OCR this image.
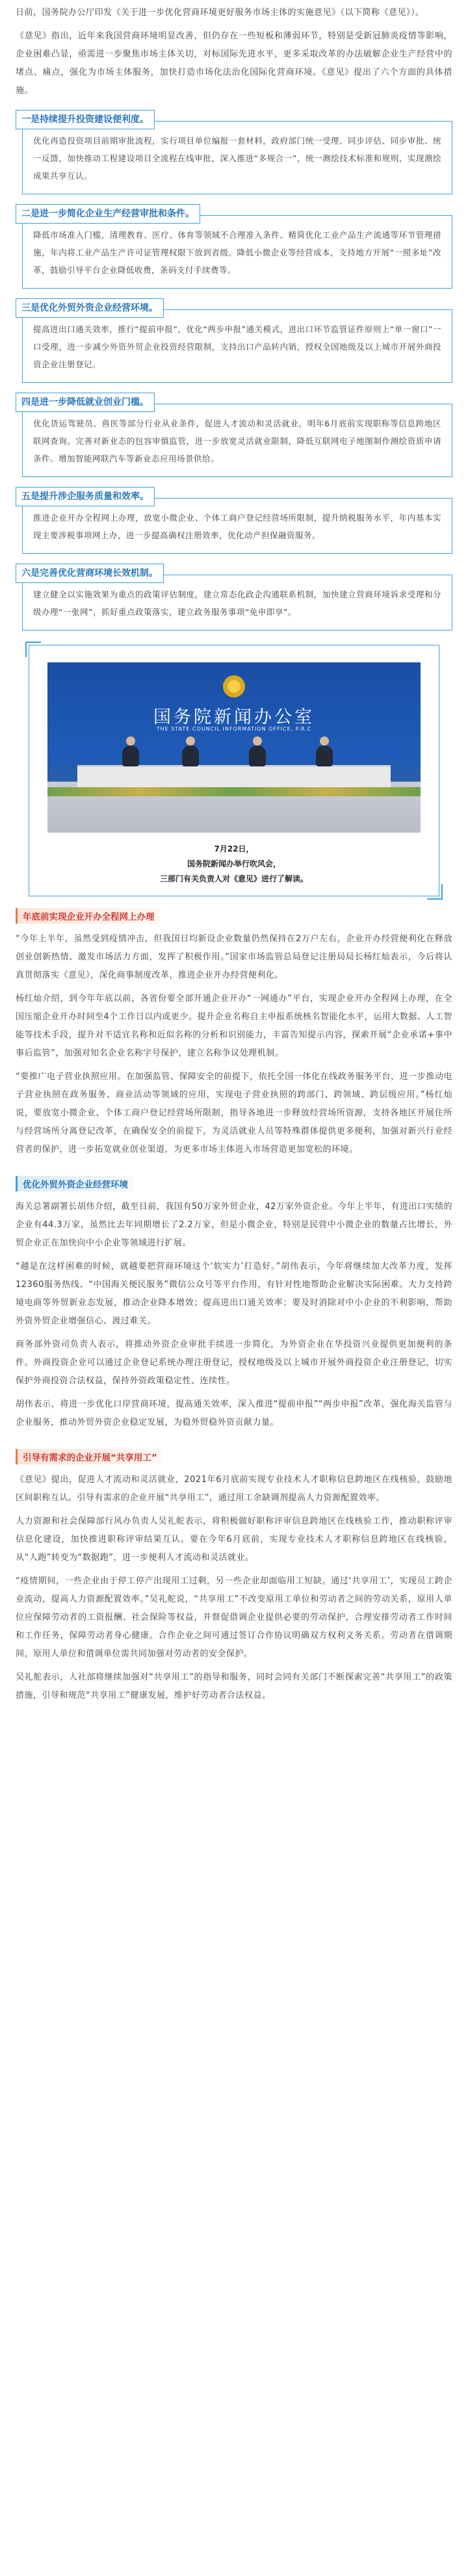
日前，国务院办公厅印发《关于进一步优化营商环境更好服务市场主体的实施意见》（以下简称《意见》）。

《意见》指出，近年来我国营商环境明显改善，但仍存在一些短板和薄弱环节，特别是受新冠肺炎疫情等影响，企业困难凸显，亟需进一步聚焦市场主体关切，对标国际先进水平，更多采取改革的办法破解企业生产经营中的堵点、痛点，强化为市场主体服务，加快打造市场化法治化国际化营商环境。《意见》提出了六个方面的具体措施。

一是持续提升投资建设便利度。

优化再造投资项目前期审批流程，实行项目单位编报一套材料，政府部门统一受理、同步评估、同步审批、统一反馈，加快推动工程建设项目全流程在线审批，深入推进“多规合一”，统一测绘技术标准和规则，实现测绘成果共享互认。

二是进一步简化企业生产经营审批和条件。

降低市场准入门槛，清理教育、医疗、体育等领域不合理准入条件。精简优化工业产品生产流通等环节管理措施，年内将工业产品生产许可证管理权限下放到省级。降低小微企业等经营成本，支持地方开展“一照多址”改革，鼓励引导平台企业降低收费，条码支付手续费等。

三是优化外贸外资企业经营环境。

提高进出口通关效率，推行“提前申报”，优化“两步申报”通关模式，进出口环节监管证件原则上“单一窗口”一口受理，进一步减少外资外贸企业投资经营限制，支持出口产品转内销，授权全国地级及以上城市开展外商投资企业注册登记。

四是进一步降低就业创业门槛。

优化货运驾驶员、兽医等部分行业从业条件，促进人才流动和灵活就业，明年6月底前实现职称等信息跨地区联网查询。完善对新业态的包容审慎监管，进一步放宽灵活就业限制，降低互联网电子地图制作测绘资质申请条件。增加智能网联汽车等新业态应用场景供给。

五是提升涉企服务质量和效率。

推进企业开办全程网上办理，放宽小微企业、个体工商户登记经营场所限制，提升纳税服务水平，年内基本实现主要涉税事项网上办，进一步提高确权注册效率，优化动产担保融资服务。

六是完善优化营商环境长效机制。

建立健全以实施效果为重点的政策评估制度，建立常态化政企沟通联系机制，加快建立营商环境诉求受理和分级办理“一张网”，抓好重点政策落实，建立政务服务事项“免申即享”。

国务院新闻办公室
THE STATE COUNCIL INFORMATION OFFICE, P.R.C
7月22日，
国务院新闻办举行吹风会，
三部门有关负责人对《意见》进行了解读。
年底前实现企业开办全程网上办理

“今年上半年，虽然受到疫情冲击，但我国日均新设企业数量仍然保持在2万户左右，企业开办经营便利化在释放创业创新热情、激发市场活力方面，发挥了积极作用。”国家市场监管总局登记注册局局长杨红灿表示，今后将认真贯彻落实《意见》，深化商事制度改革，推进企业开办经营便利化。

杨红灿介绍，到今年年底以前，各省份要全部开通企业开办“一网通办”平台，实现企业开办全程网上办理，在全国压缩企业开办时间至4个工作日以内或更少。提升企业名称自主申报系统核名智能化水平，运用大数据、人工智能等技术手段，提升对不适宜名称和近似名称的分析和识别能力，丰富告知提示内容，探索开展“企业承诺+事中事后监管”，加强对知名企业名称字号保护，建立名称争议处理机制。

“要推广电子营业执照应用。在加强监管、保障安全的前提下，依托全国一体化在线政务服务平台，进一步推动电子营业执照在政务服务、商业活动等领域的应用，实现电子营业执照的跨部门、跨领域、跨层级应用。”杨红灿说，要放宽小微企业、个体工商户登记经营场所限制，指导各地进一步释放经营场所资源，支持各地区开展住所与经营场所分离登记改革，在确保安全的前提下，为灵活就业人员等特殊群体提供更多便利，加强对新兴行业经营者的保护，进一步拓宽就业创业渠道，为更多市场主体进入市场营造更加宽松的环境。

优化外贸外资企业经营环境

海关总署副署长胡伟介绍，截至目前，我国有50万家外贸企业，42万家外资企业。今年上半年，有进出口实绩的企业有44.3万家，虽然比去年同期增长了2.2万家，但是小微企业，特别是民营中小微企业的数量占比增长，外贸企业正在加快向中小企业等领域进行扩展。

“越是在这样困难的时候，就越要把营商环境这个‘软实力’打造好。”胡伟表示，今年将继续加大改革力度，发挥12360服务热线、“中国海关便民服务”微信公众号等平台作用，有针对性地帮助企业解决实际困难。大力支持跨境电商等外贸新业态发展，推动企业降本增效；提高进出口通关效率；要及时消除对中小企业的不利影响，帮助外资外贸企业增强信心、渡过难关。

商务部外资司负责人表示，将推动外资企业审批手续进一步简化，为外资企业在华投资兴业提供更加便利的条件。外商投资企业可以通过企业登记系统办理注册登记，授权地级及以上城市开展外商投资企业注册登记，切实保护外商投资合法权益，保持外资政策稳定性、连续性。

胡伟表示，将进一步优化口岸营商环境，提高通关效率，深入推进“提前申报”“两步申报”改革，强化海关监管与企业服务，推动外贸外资企业稳定发展，为稳外贸稳外资贡献力量。

引导有需求的企业开展“共享用工”

《意见》提出，促进人才流动和灵活就业，2021年6月底前实现专业技术人才职称信息跨地区在线核验，鼓励地区间职称互认。引导有需求的企业开展“共享用工”，通过用工余缺调剂提高人力资源配置效率。

人力资源和社会保障部行风办负责人吴礼舵表示，将积极做好职称评审信息跨地区在线核验工作，推动职称评审信息化建设，加快推进职称评审结果互认。要在今年6月底前，实现专业技术人才职称信息跨地区在线核验，从“人跑”转变为“数据跑”，进一步便利人才流动和灵活就业。

“疫情期间，一些企业由于停工停产出现用工过剩，另一些企业却面临用工短缺。通过‘共享用工’，实现员工跨企业流动，提高人力资源配置效率。”吴礼舵说，“共享用工”不改变原用工单位和劳动者之间的劳动关系，原用人单位应保障劳动者的工资报酬、社会保险等权益，并督促借调企业提供必要的劳动保护，合理安排劳动者工作时间和工作任务，保障劳动者身心健康。合作企业之间可通过签订合作协议明确双方权利义务关系。劳动者在借调期间，原用人单位和借调单位需共同加强对劳动者的安全保护。

吴礼舵表示，人社部将继续加强对“共享用工”的指导和服务，同时会同有关部门不断探索完善“共享用工”的政策措施，引导和规范“共享用工”健康发展，维护好劳动者合法权益。
